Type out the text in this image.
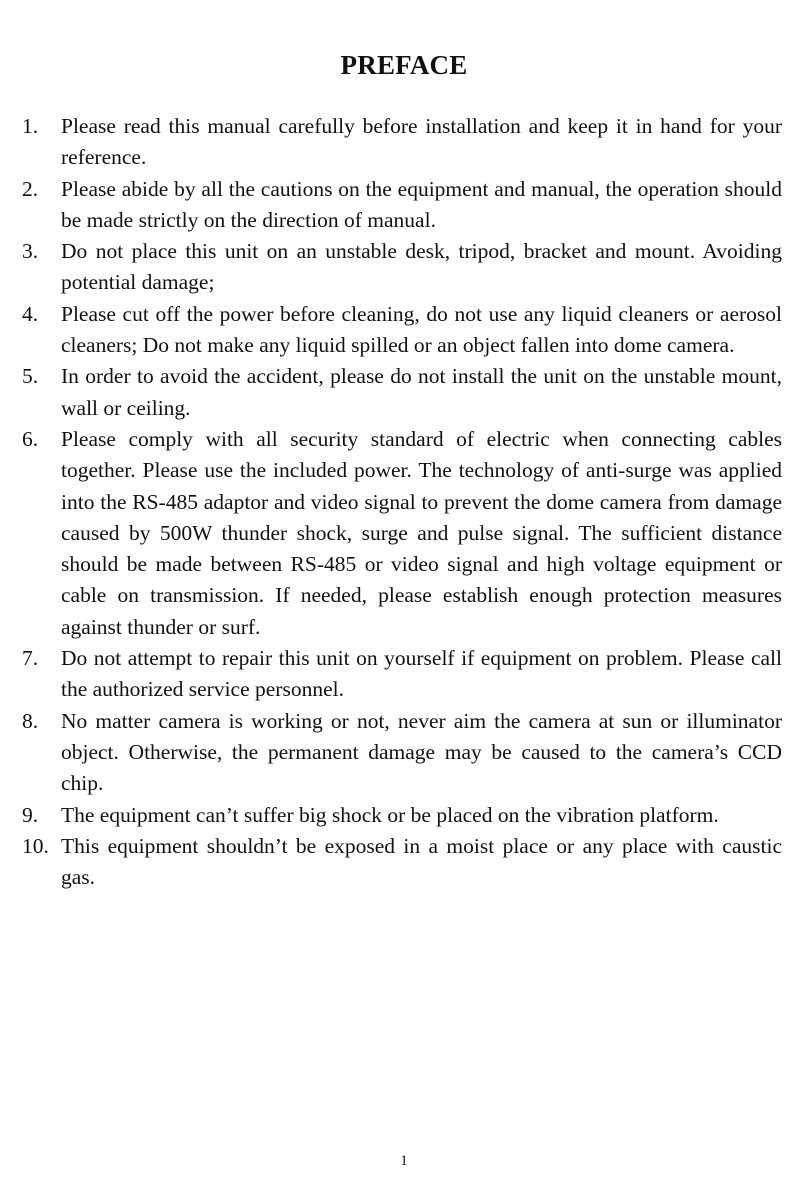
PREFACE
1.	Please read this manual carefully before installation and keep it in hand for your reference.
2.	Please abide by all the cautions on the equipment and manual, the operation should be made strictly on the direction of manual.
3.	Do not place this unit on an unstable desk, tripod, bracket and mount. Avoiding potential damage;
4.	Please cut off the power before cleaning, do not use any liquid cleaners or aerosol cleaners; Do not make any liquid spilled or an object fallen into dome camera.
5.	In order to avoid the accident, please do not install the unit on the unstable mount, wall or ceiling.
6.	Please comply with all security standard of electric when connecting cables together. Please use the included power. The technology of anti-surge was applied into the RS-485 adaptor and video signal to prevent the dome camera from damage caused by 500W thunder shock, surge and pulse signal. The sufficient distance should be made between RS-485 or video signal and high voltage equipment or cable on transmission. If needed, please establish enough protection measures against thunder or surf.
7.	Do not attempt to repair this unit on yourself if equipment on problem. Please call the authorized service personnel.
8.	No matter camera is working or not, never aim the camera at sun or illuminator object. Otherwise, the permanent damage may be caused to the camera’s CCD chip.
9.	The equipment can’t suffer big shock or be placed on the vibration platform.
10. This equipment shouldn’t be exposed in a moist place or any place with caustic gas.
1
